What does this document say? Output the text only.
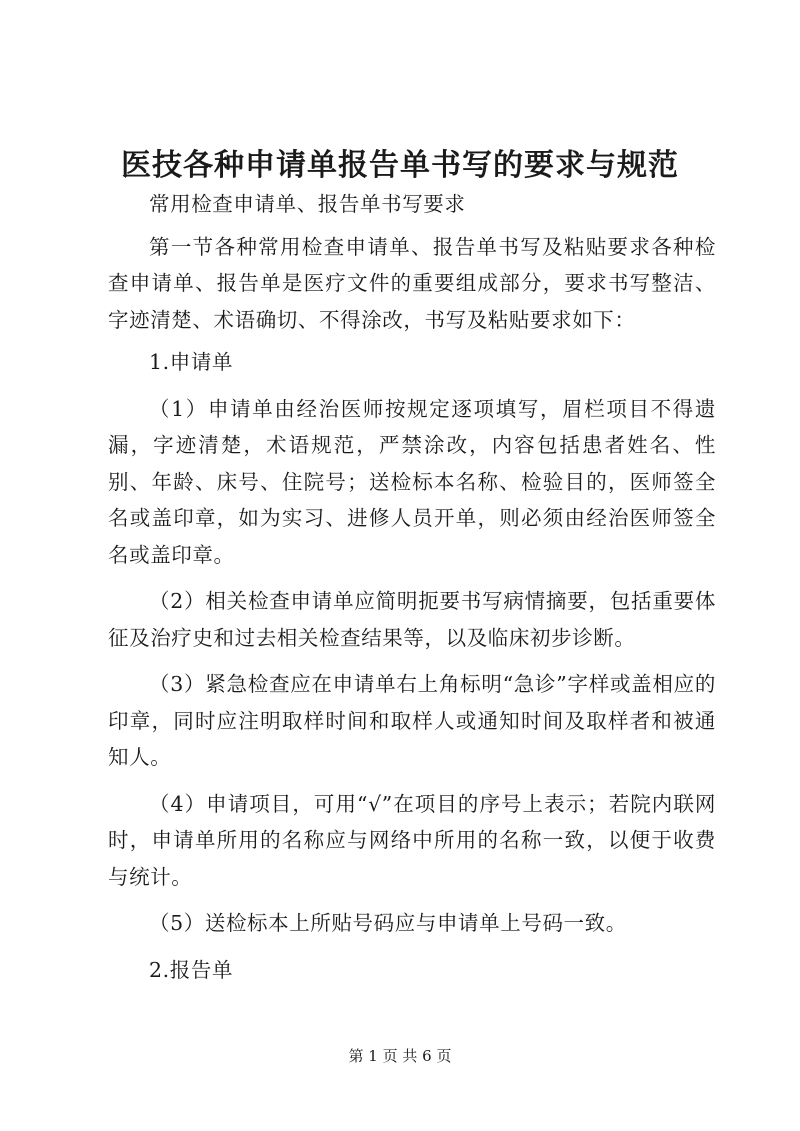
医技各种申请单报告单书写的要求与规范

常用检查申请单、报告单书写要求

第一节各种常用检查申请单、报告单书写及粘贴要求各种检查申请单、报告单是医疗文件的重要组成部分，要求书写整洁、字迹清楚、术语确切、不得涂改，书写及粘贴要求如下：

1.申请单

（1）申请单由经治医师按规定逐项填写，眉栏项目不得遗漏，字迹清楚，术语规范，严禁涂改，内容包括患者姓名、性别、年龄、床号、住院号；送检标本名称、检验目的，医师签全名或盖印章，如为实习、进修人员开单，则必须由经治医师签全名或盖印章。

（2）相关检查申请单应简明扼要书写病情摘要，包括重要体征及治疗史和过去相关检查结果等，以及临床初步诊断。

（3）紧急检查应在申请单右上角标明“急诊”字样或盖相应的印章，同时应注明取样时间和取样人或通知时间及取样者和被通知人。

（4）申请项目，可用“√”在项目的序号上表示；若院内联网时，申请单所用的名称应与网络中所用的名称一致，以便于收费与统计。

（5）送检标本上所贴号码应与申请单上号码一致。

2.报告单

第 1 页 共 6 页
